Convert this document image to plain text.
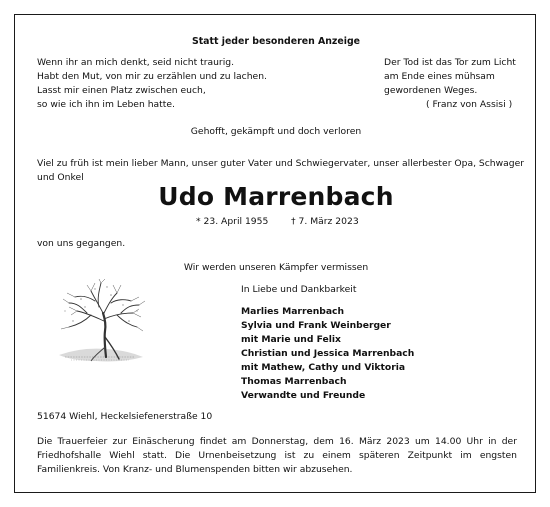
Statt jeder besonderen Anzeige
Wenn ihr an mich denkt, seid nicht traurig.
Habt den Mut, von mir zu erzählen und zu lachen.
Lasst mir einen Platz zwischen euch,
so wie ich ihn im Leben hatte.
Der Tod ist das Tor zum Licht
am Ende eines mühsam
gewordenen Weges.
( Franz von Assisi )
Gehofft, gekämpft und doch verloren
Viel zu früh ist mein lieber Mann, unser guter Vater und Schwiegervater, unser allerbester Opa, Schwager und Onkel
Udo Marrenbach
* 23. April 1955 † 7. März 2023
von uns gegangen.
Wir werden unseren Kämpfer vermissen
In Liebe und Dankbarkeit
Marlies Marrenbach
Sylvia und Frank Weinberger
mit Marie und Felix
Christian und Jessica Marrenbach
mit Mathew, Cathy und Viktoria
Thomas Marrenbach
Verwandte und Freunde
51674 Wiehl, Heckelsiefenerstraße 10
Die Trauerfeier zur Einäscherung findet am Donnerstag, dem 16. März 2023 um 14.00 Uhr in der Friedhofshalle Wiehl statt. Die Urnenbeisetzung ist zu einem späteren Zeitpunkt im engsten Familienkreis. Von Kranz- und Blumenspenden bitten wir abzusehen.
